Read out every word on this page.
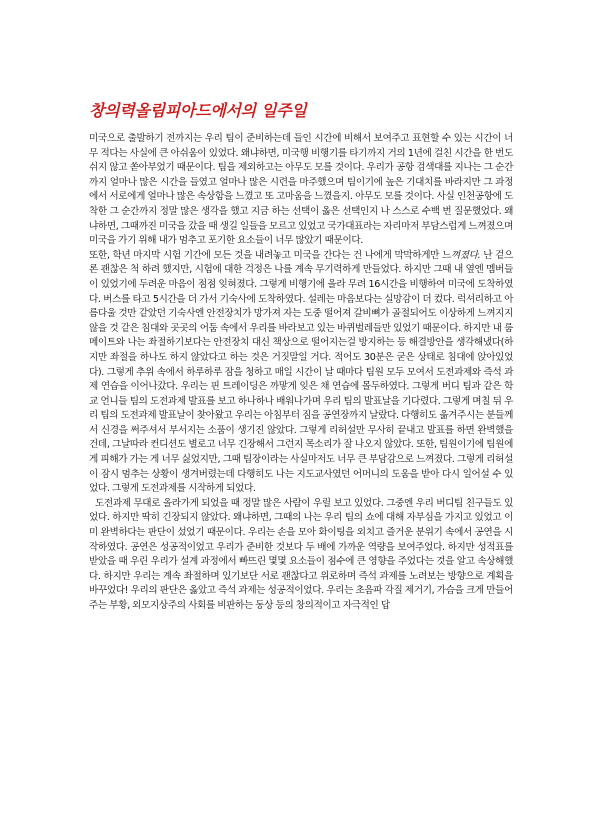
창의력올림피아드에서의 일주일

미국으로 출발하기 전까지는 우리 팀이 준비하는데 들인 시간에 비해서 보여주고 표현할 수 있는 시간이 너무 적다는 사실에 큰 아쉬움이 있었다. 왜냐하면, 미국행 비행기를 타기까지 거의 1년에 걸친 시간을 한 번도 쉬지 않고 쏟아부었기 때문이다. 팀을 제외하고는 아무도 모를 것이다. 우리가 공항 검색대를 지나는 그 순간까지 얼마나 많은 시간을 들였고 얼마나 많은 시련을 마주했으며 팀이기에 높은 기대치를 바라지만 그 과정에서 서로에게 얼마나 많은 속상함을 느꼈고 또 고마움을 느꼈을지. 아무도 모를 것이다. 사실 인천공항에 도착한 그 순간까지 정말 많은 생각을 했고 지금 하는 선택이 옳은 선택인지 나 스스로 수백 번 질문했었다. 왜냐하면, 그때까진 미국을 갔을 때 생길 일들을 모르고 있었고 국가대표라는 자리마저 부담스럽게 느껴졌으며 미국을 가기 위해 내가 멈추고 포기한 요소들이 너무 많았기 때문이다.

또한, 학년 마지막 시험 기간에 모든 것을 내려놓고 미국을 간다는 건 나에게 막막하게만 느껴졌다. 난 겉으론 괜찮은 척 하려 했지만, 시험에 대한 걱정은 나를 계속 무기력하게 만들었다. 하지만 그때 내 옆엔 멤버들이 있었기에 두려운 마음이 점점 잊혀졌다. 그렇게 비행기에 올라 무려 16시간을 비행하여 미국에 도착하였다. 버스를 타고 5시간을 더 가서 기숙사에 도착하였다. 설레는 마음보다는 실망감이 더 컸다. 럭셔리하고 아름다울 것만 같았던 기숙사엔 안전장치가 망가져 자는 도중 떨어져 갈비뼈가 골절되어도 이상하게 느껴지지 않을 것 같은 침대와 곳곳의 어둠 속에서 우리를 바라보고 있는 바퀴벌레들만 있었기 때문이다. 하지만 내 룸메이트와 나는 좌절하기보다는 안전장치 대신 책상으로 떨어지는걸 방지하는 등 해결방안을 생각해냈다(하지만 좌절을 하나도 하지 않았다고 하는 것은 거짓말일 거다. 적어도 30분은 굳은 상태로 침대에 앉아있었다). 그렇게 추위 속에서 하루하루 잠을 청하고 매일 시간이 날 때마다 팀원 모두 모여서 도전과제와 즉석 과제 연습을 이어나갔다. 우리는 핀 트레이딩은 까맣게 잊은 채 연습에 몰두하였다. 그렇게 버디 팀과 같은 학교 언니들 팀의 도전과제 발표를 보고 하나하나 배워나가며 우리 팀의 발표날을 기다렸다. 그렇게 며칠 뒤 우리 팀의 도전과제 발표날이 찾아왔고 우리는 아침부터 짐을 공연장까지 날랐다. 다행히도 옮겨주시는 분들께서 신경을 써주셔서 부서지는 소품이 생기진 않았다. 그렇게 리허설만 무사히 끝내고 발표를 하면 완벽했을 건데, 그날따라 컨디션도 별로고 너무 긴장해서 그런지 목소리가 잘 나오지 않았다. 또한, 팀원이기에 팀원에게 피해가 가는 게 너무 싫었지만, 그때 팀장이라는 사실마저도 너무 큰 부담감으로 느껴졌다. 그렇게 리허설이 잠시 멈추는 상황이 생겨버렸는데 다행히도 나는 지도교사였던 어머니의 도움을 받아 다시 일어설 수 있었다. 그렇게 도전과제를 시작하게 되었다.

도전과제 무대로 올라가게 되었을 때 정말 많은 사람이 우릴 보고 있었다. 그중엔 우리 버디팀 친구들도 있었다. 하지만 딱히 긴장되지 않았다. 왜냐하면, 그때의 나는 우리 팀의 쇼에 대해 자부심을 가지고 있었고 이미 완벽하다는 판단이 섰었기 때문이다. 우리는 손을 모아 화이팅을 외치고 즐거운 분위기 속에서 공연을 시작하였다. 공연은 성공적이었고 우리가 준비한 것보다 두 배에 가까운 역량을 보여주었다. 하지만 성적표를 받았을 때 우린 우리가 설계 과정에서 빠뜨린 몇몇 요소들이 점수에 큰 영향을 주었다는 것을 알고 속상해했다. 하지만 우리는 계속 좌절하며 있기보단 서로 괜찮다고 위로하며 즉석 과제를 노려보는 방향으로 계획을 바꾸었다! 우리의 판단은 옳았고 즉석 과제는 성공적이었다. 우리는 초음파 각질 제거기, 가슴을 크게 만들어주는 부황, 외모지상주의 사회를 비판하는 동상 등의 창의적이고 자극적인 답
